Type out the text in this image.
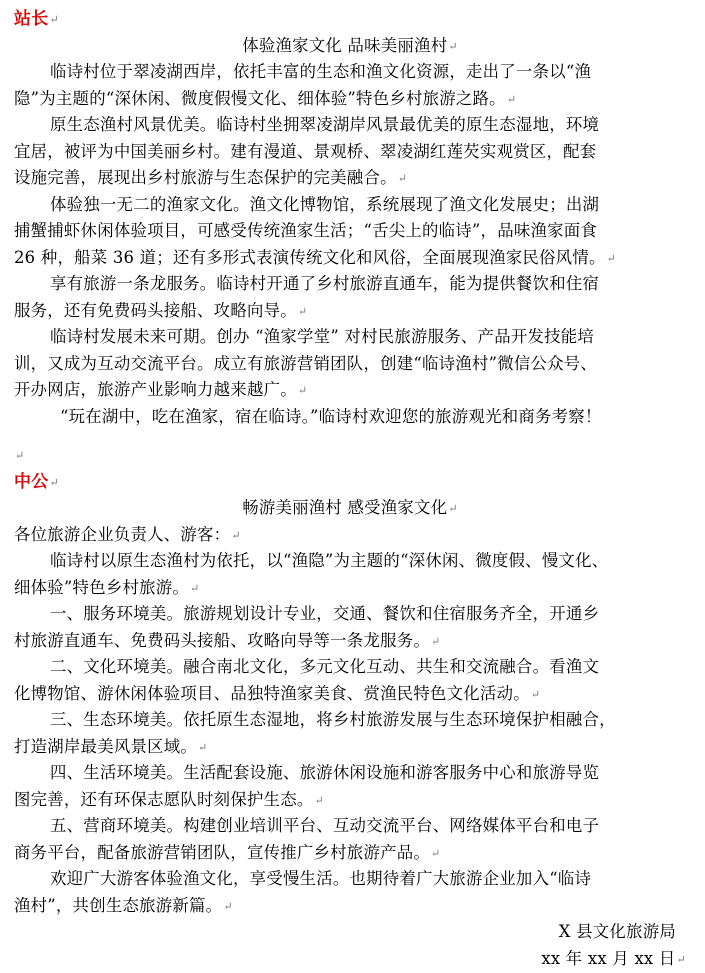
站长↵
体验渔家文化 品味美丽渔村↵
临诗村位于翠凌湖西岸，依托丰富的生态和渔文化资源，走出了一条以“渔
隐”为主题的“深休闲、微度假慢文化、细体验”特色乡村旅游之路。↵
原生态渔村风景优美。临诗村坐拥翠凌湖岸风景最优美的原生态湿地，环境
宜居，被评为中国美丽乡村。建有漫道、景观桥、翠凌湖红莲芡实观赏区，配套
设施完善，展现出乡村旅游与生态保护的完美融合。↵
体验独一无二的渔家文化。渔文化博物馆，系统展现了渔文化发展史；出湖
捕蟹捕虾休闲体验项目，可感受传统渔家生活；“舌尖上的临诗”，品味渔家面食
26 种，船菜 36 道；还有多形式表演传统文化和风俗，全面展现渔家民俗风情。↵
享有旅游一条龙服务。临诗村开通了乡村旅游直通车，能为提供餐饮和住宿
服务，还有免费码头接船、攻略向导。↵
临诗村发展未来可期。创办 “渔家学堂” 对村民旅游服务、产品开发技能培
训，又成为互动交流平台。成立有旅游营销团队，创建“临诗渔村”微信公众号、
开办网店，旅游产业影响力越来越广。↵
“玩在湖中，吃在渔家，宿在临诗。”临诗村欢迎您的旅游观光和商务考察！
↵
中公↵
畅游美丽渔村 感受渔家文化↵
各位旅游企业负责人、游客：↵
临诗村以原生态渔村为依托，以“渔隐”为主题的“深休闲、微度假、慢文化、
细体验”特色乡村旅游。↵
一、服务环境美。旅游规划设计专业，交通、餐饮和住宿服务齐全，开通乡
村旅游直通车、免费码头接船、攻略向导等一条龙服务。↵
二、文化环境美。融合南北文化，多元文化互动、共生和交流融合。看渔文
化博物馆、游休闲体验项目、品独特渔家美食、赏渔民特色文化活动。↵
三、生态环境美。依托原生态湿地，将乡村旅游发展与生态环境保护相融合，
打造湖岸最美风景区域。↵
四、生活环境美。生活配套设施、旅游休闲设施和游客服务中心和旅游导览
图完善，还有环保志愿队时刻保护生态。↵
五、营商环境美。构建创业培训平台、互动交流平台、网络媒体平台和电子
商务平台，配备旅游营销团队，宣传推广乡村旅游产品。↵
欢迎广大游客体验渔文化，享受慢生活。也期待着广大旅游企业加入“临诗
渔村”，共创生态旅游新篇。↵
X 县文化旅游局
xx 年 xx 月 xx 日↵
